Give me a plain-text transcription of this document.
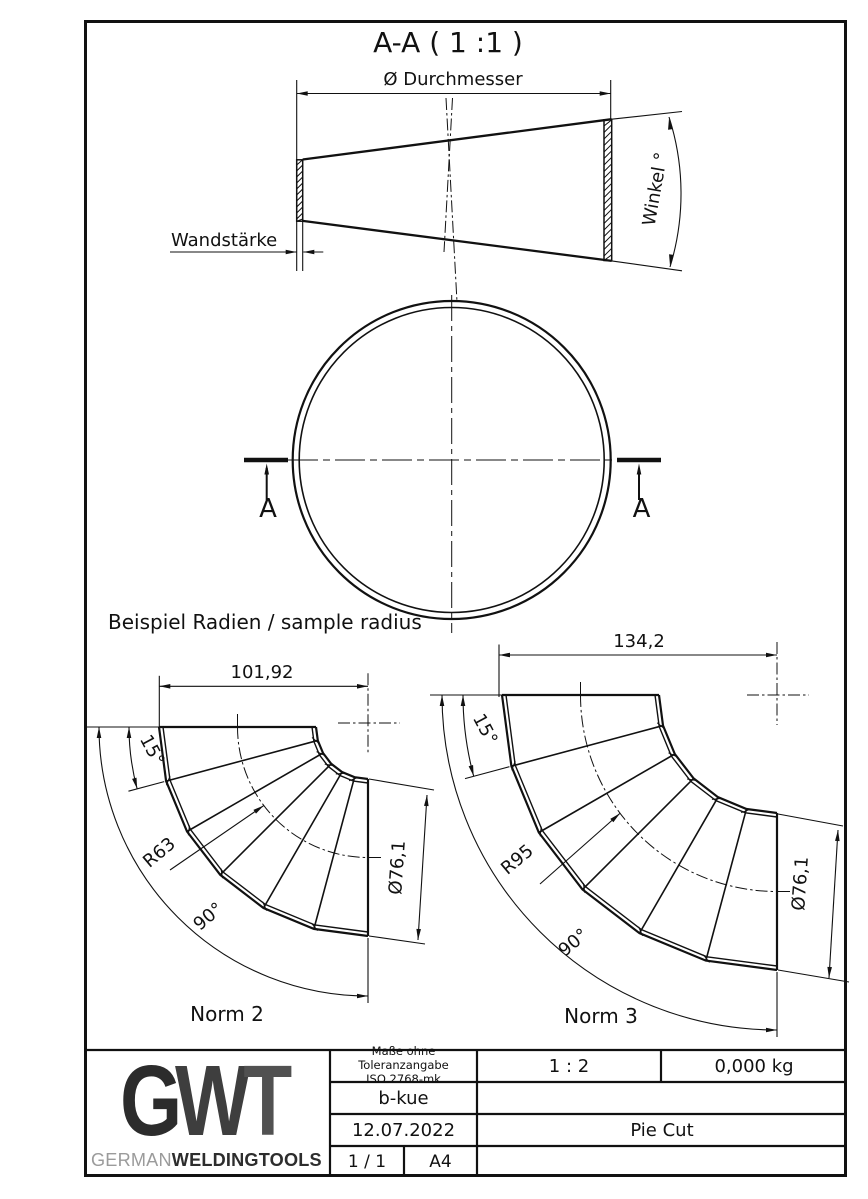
A-A ( 1 :1 )
Ø Durchmesser
Wandstärke
Winkel °
A	A
Beispiel Radien / sample radius
101,92
15°
R63
90°
Ø76,1
Norm 2
134,2
15°
R95
90°
Ø76,1
Norm 3
Maße ohne Toleranzangabe
ISO 2768-mk
1 : 2	0,000 kg
b-kue
12.07.2022	Pie Cut
1 / 1	A4
GWT
GERMANWELDINGTOOLS
